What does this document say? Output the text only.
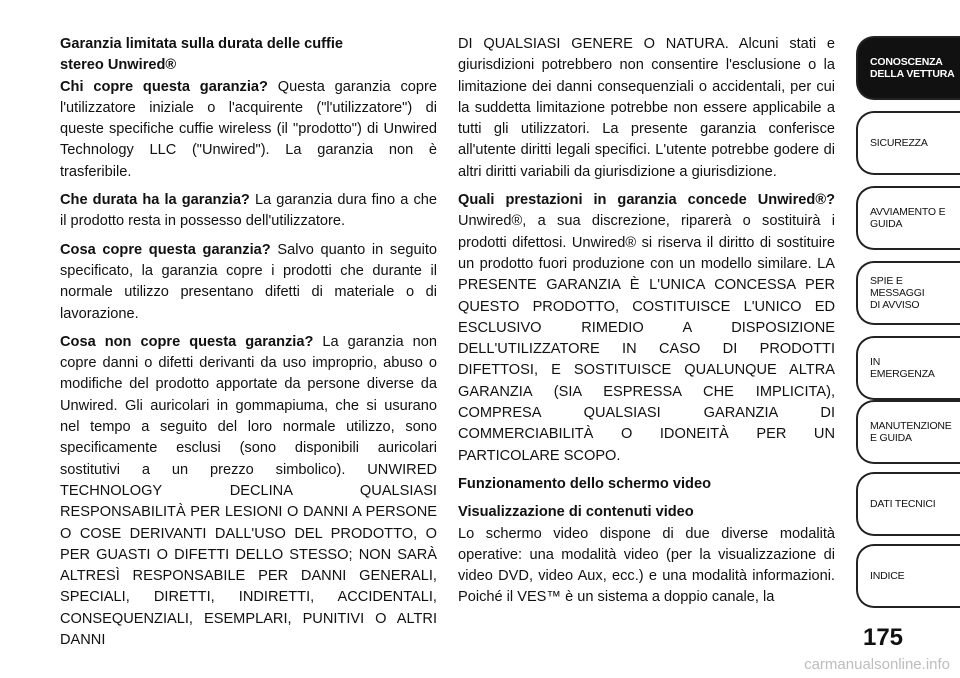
Garanzia limitata sulla durata delle cuffie
stereo Unwired®

Chi copre questa garanzia? Questa garanzia copre l'utilizzatore iniziale o l'acquirente ("l'utilizzatore") di queste specifiche cuffie wireless (il "prodotto") di Unwired Technology LLC ("Unwired"). La garanzia non è trasferibile.

Che durata ha la garanzia? La garanzia dura fino a che il prodotto resta in possesso dell'utilizzatore.

Cosa copre questa garanzia? Salvo quanto in seguito specificato, la garanzia copre i prodotti che durante il normale utilizzo presentano difetti di materiale o di lavorazione.

Cosa non copre questa garanzia? La garanzia non copre danni o difetti derivanti da uso improprio, abuso o modifiche del prodotto apportate da persone diverse da Unwired. Gli auricolari in gommapiuma, che si usurano nel tempo a seguito del loro normale utilizzo, sono specificamente esclusi (sono disponibili auricolari sostitutivi a un prezzo simbolico). UNWIRED TECHNOLOGY DECLINA QUALSIASI RESPONSABILITÀ PER LESIONI O DANNI A PERSONE O COSE DERIVANTI DALL'USO DEL PRODOTTO, O PER GUASTI O DIFETTI DELLO STESSO; NON SARÀ ALTRESÌ RESPONSABILE PER DANNI GENERALI, SPECIALI, DIRETTI, INDIRETTI, ACCIDENTALI, CONSEQUENZIALI, ESEMPLARI, PUNITIVI O ALTRI DANNI

DI QUALSIASI GENERE O NATURA. Alcuni stati e giurisdizioni potrebbero non consentire l'esclusione o la limitazione dei danni consequenziali o accidentali, per cui la suddetta limitazione potrebbe non essere applicabile a tutti gli utilizzatori. La presente garanzia conferisce all'utente diritti legali specifici. L'utente potrebbe godere di altri diritti variabili da giurisdizione a giurisdizione.

Quali prestazioni in garanzia concede Unwired®? Unwired®, a sua discrezione, riparerà o sostituirà i prodotti difettosi. Unwired® si riserva il diritto di sostituire un prodotto fuori produzione con un modello similare. LA PRESENTE GARANZIA È L'UNICA CONCESSA PER QUESTO PRODOTTO, COSTITUISCE L'UNICO ED ESCLUSIVO RIMEDIO A DISPOSIZIONE DELL'UTILIZZATORE IN CASO DI PRODOTTI DIFETTOSI, E SOSTITUISCE QUALUNQUE ALTRA GARANZIA (SIA ESPRESSA CHE IMPLICITA), COMPRESA QUALSIASI GARANZIA DI COMMERCIABILITÀ O IDONEITÀ PER UN PARTICOLARE SCOPO.

Funzionamento dello schermo video

Visualizzazione di contenuti video
Lo schermo video dispone di due diverse modalità operative: una modalità video (per la visualizzazione di video DVD, video Aux, ecc.) e una modalità informazioni. Poiché il VES™ è un sistema a doppio canale, la

CONOSCENZA
DELLA VETTURA
SICUREZZA
AVVIAMENTO E
GUIDA
SPIE E
MESSAGGI
DI AVVISO
IN
EMERGENZA
MANUTENZIONE
E GUIDA
DATI TECNICI
INDICE
175
carmanualsonline.info
